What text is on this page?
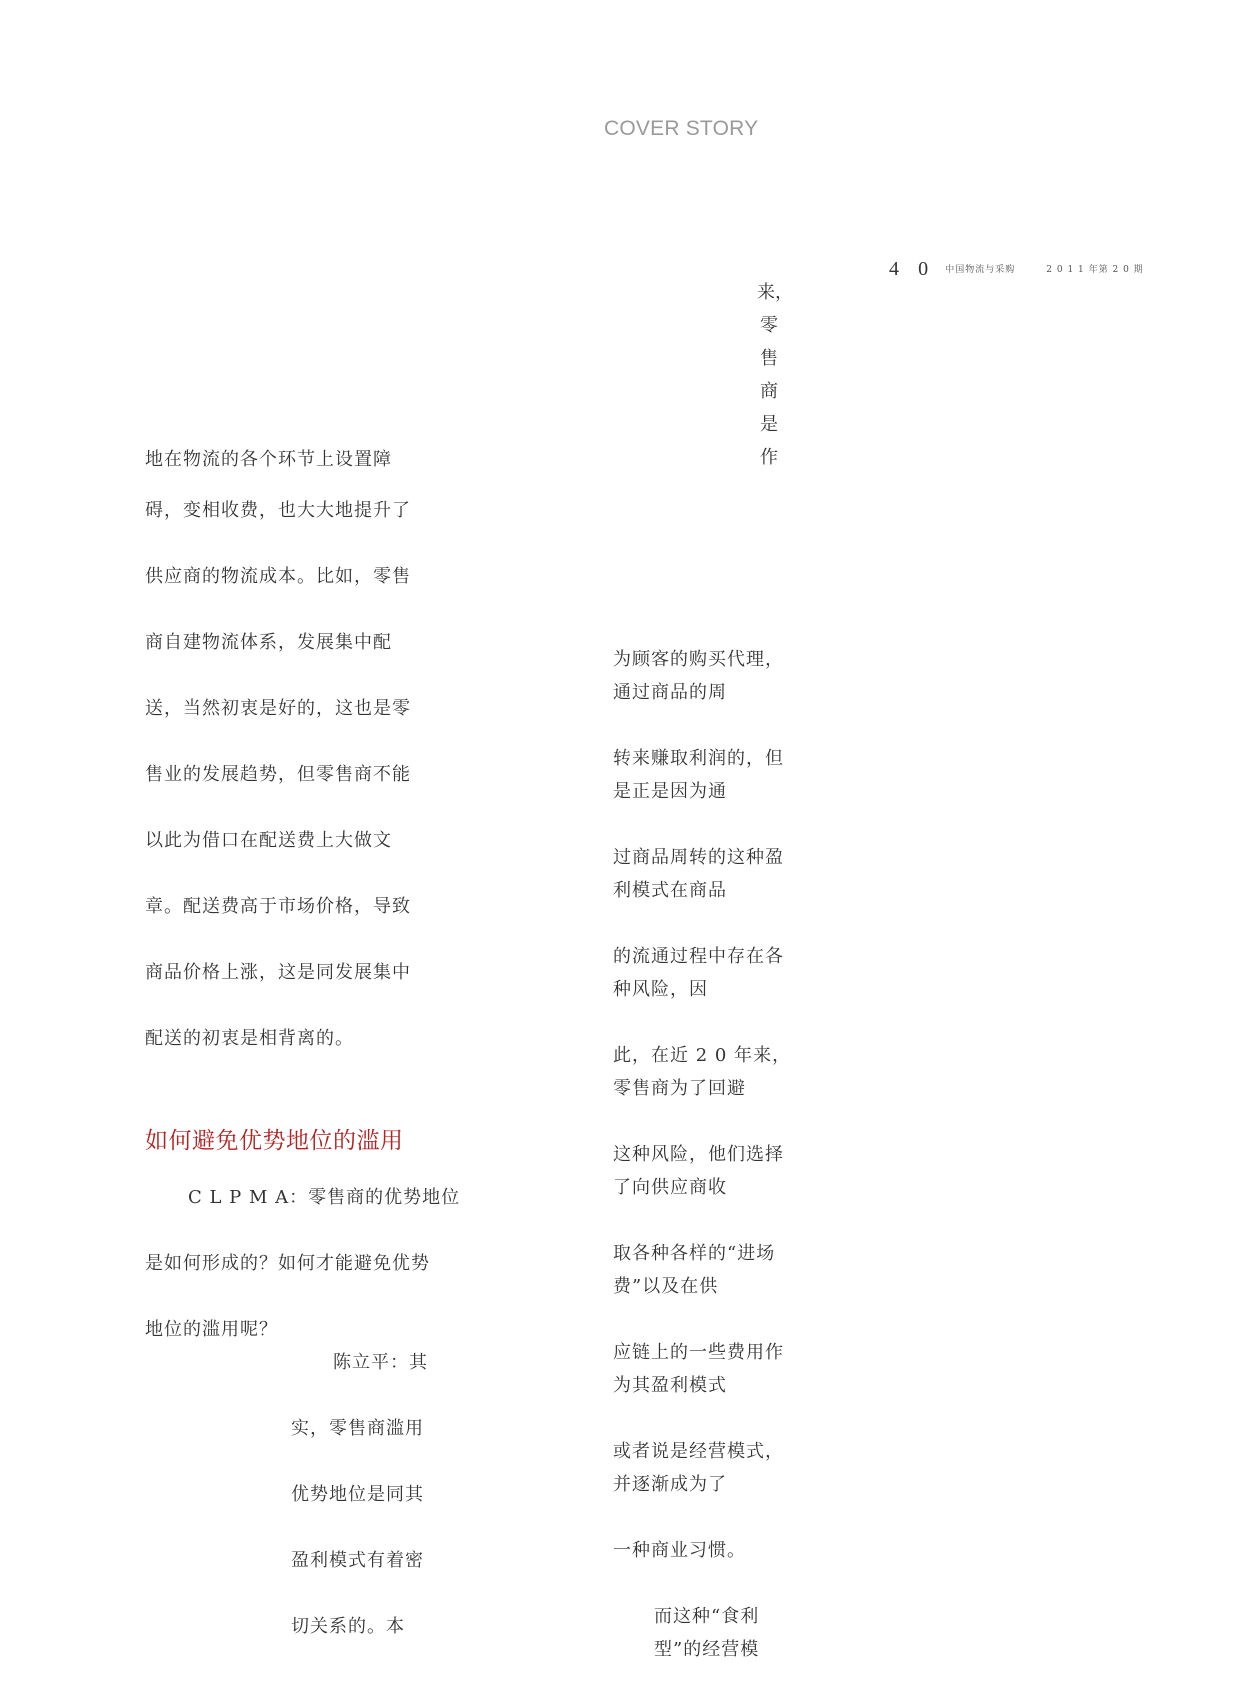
COVER STORY
4 0 中国物流与采购	2 0 1 1 年第 2 0 期
来，
零
售
商
是
作
地在物流的各个环节上设置障
碍，变相收费，也大大地提升了
供应商的物流成本。比如，零售
商自建物流体系，发展集中配
送，当然初衷是好的，这也是零
售业的发展趋势，但零售商不能
以此为借口在配送费上大做文
章。配送费高于市场价格，导致
商品价格上涨，这是同发展集中
配送的初衷是相背离的。
如何避免优势地位的滥用
C L P M A：零售商的优势地位
是如何形成的？如何才能避免优势
地位的滥用呢？
陈立平：其
实，零售商滥用
优势地位是同其
盈利模式有着密
切关系的。本
为顾客的购买代理，通过商品的周
转来赚取利润的，但是正是因为通
过商品周转的这种盈利模式在商品
的流通过程中存在各种风险，因
此，在近 2 0 年来，零售商为了回避
这种风险，他们选择了向供应商收
取各种各样的“进场费”以及在供
应链上的一些费用作为其盈利模式
或者说是经营模式，并逐渐成为了
一种商业习惯。
而这种“食利型”的经营模
